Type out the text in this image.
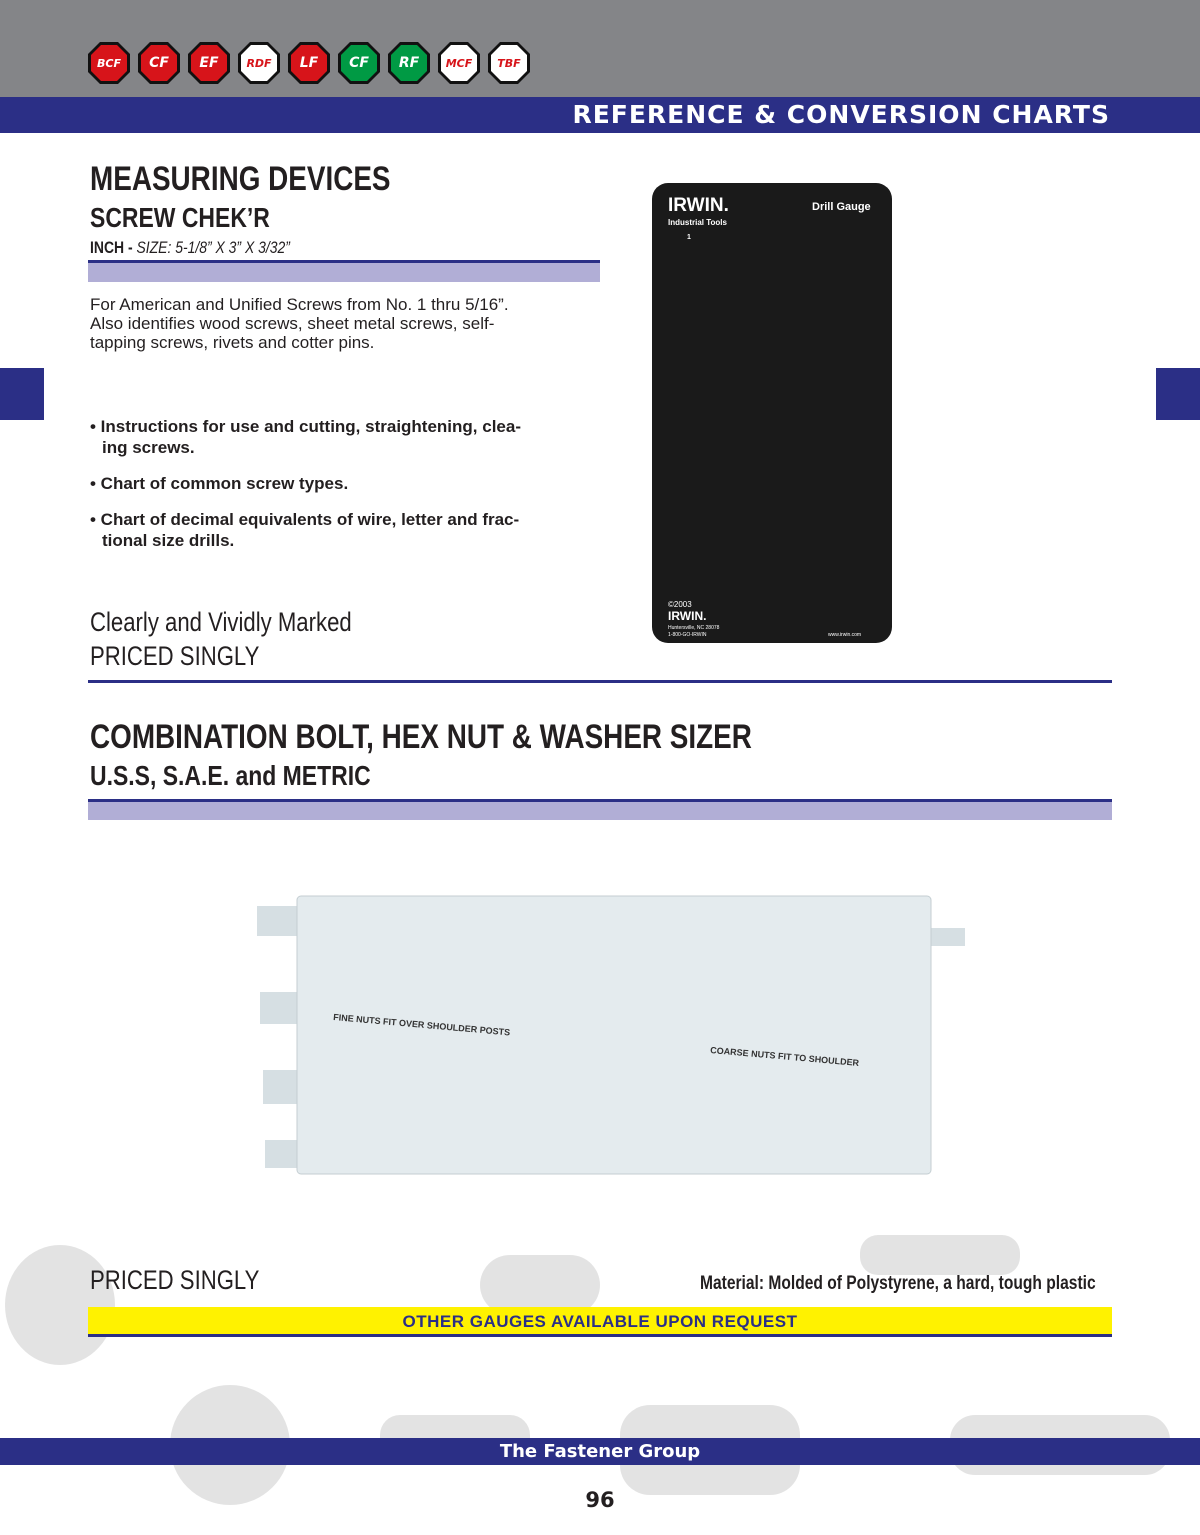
BCF CF EF	RDF LF CF RF MCF TBF
REFERENCE & CONVERSION CHARTS
MEASURING DEVICES
SCREW CHEK’R
INCH - SIZE: 5-1/8” X 3” X 3/32”
For American and Unified Screws from No. 1 thru 5/16”.
Also identifies wood screws, sheet metal screws, self-
tapping screws, rivets and cotter pins.
• Instructions for use and cutting, straightening, clea-
ing screws.
• Chart of common screw types.
• Chart of decimal equivalents of wire, letter and frac-
tional size drills.
Clearly and Vividly Marked
PRICED SINGLY
IRWIN.
Industrial Tools
Drill Gauge
©2003
IRWIN.
Huntersville, NC 28078
1-800-GO-IRWIN	www.irwin.com
1
COMBINATION BOLT, HEX NUT & WASHER SIZER
U.S.S, S.A.E. and METRIC
FINE NUTS FIT OVER SHOULDER POSTS
COARSE NUTS FIT TO SHOULDER
PRICED SINGLY	Material: Molded of Polystyrene, a hard, tough plastic
OTHER GAUGES AVAILABLE UPON REQUEST
The Fastener Group
96
